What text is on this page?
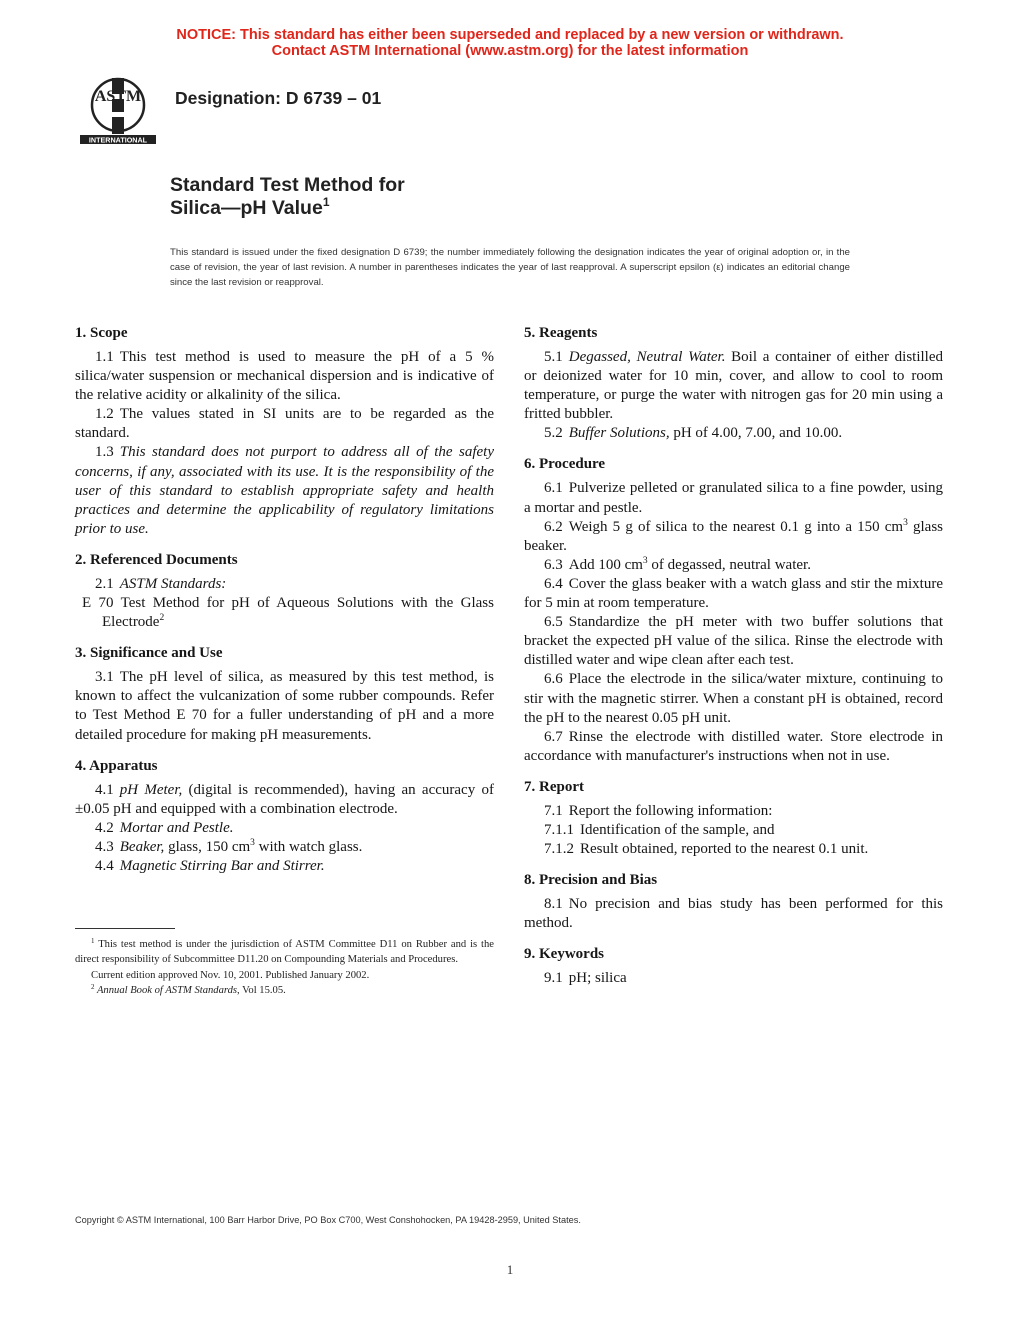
NOTICE: This standard has either been superseded and replaced by a new version or withdrawn.
Contact ASTM International (www.astm.org) for the latest information
ASTM
INTERNATIONAL
Designation: D 6739 – 01
Standard Test Method for
Silica—pH Value$^1$
This standard is issued under the fixed designation D 6739; the number immediately following the designation indicates the year of original adoption or, in the case of revision, the year of last revision. A number in parentheses indicates the year of last reapproval. A superscript epsilon (ε) indicates an editorial change since the last revision or reapproval.
1. Scope

1.1 This test method is used to measure the pH of a 5 % silica/water suspension or mechanical dispersion and is indicative of the relative acidity or alkalinity of the silica.

1.2 The values stated in SI units are to be regarded as the standard.

1.3 This standard does not purport to address all of the safety concerns, if any, associated with its use. It is the responsibility of the user of this standard to establish appropriate safety and health practices and determine the applicability of regulatory limitations prior to use.

2. Referenced Documents

2.1 ASTM Standards:

E 70 Test Method for pH of Aqueous Solutions with the Glass Electrode$^2$

3. Significance and Use

3.1 The pH level of silica, as measured by this test method, is known to affect the vulcanization of some rubber compounds. Refer to Test Method E 70 for a fuller understanding of pH and a more detailed procedure for making pH measurements.

4. Apparatus

4.1 pH Meter, (digital is recommended), having an accuracy of ±0.05 pH and equipped with a combination electrode.

4.2 Mortar and Pestle.

4.3 Beaker, glass, 150 $cm^3$ with watch glass.

4.4 Magnetic Stirring Bar and Stirrer.

5. Reagents

5.1 Degassed, Neutral Water. Boil a container of either distilled or deionized water for 10 min, cover, and allow to cool to room temperature, or purge the water with nitrogen gas for 20 min using a fritted bubbler.

5.2 Buffer Solutions, pH of 4.00, 7.00, and 10.00.

6. Procedure

6.1 Pulverize pelleted or granulated silica to a fine powder, using a mortar and pestle.

6.2 Weigh 5 g of silica to the nearest 0.1 g into a 150 $cm^3$ glass beaker.

6.3 Add 100 $cm^3$ of degassed, neutral water.

6.4 Cover the glass beaker with a watch glass and stir the mixture for 5 min at room temperature.

6.5 Standardize the pH meter with two buffer solutions that bracket the expected pH value of the silica. Rinse the electrode with distilled water and wipe clean after each test.

6.6 Place the electrode in the silica/water mixture, continuing to stir with the magnetic stirrer. When a constant pH is obtained, record the pH to the nearest 0.05 pH unit.

6.7 Rinse the electrode with distilled water. Store electrode in accordance with manufacturer's instructions when not in use.

7. Report

7.1 Report the following information:

7.1.1 Identification of the sample, and

7.1.2 Result obtained, reported to the nearest 0.1 unit.

8. Precision and Bias

8.1 No precision and bias study has been performed for this method.

9. Keywords

9.1 pH; silica

$^1$ This test method is under the jurisdiction of ASTM Committee D11 on Rubber and is the direct responsibility of Subcommittee D11.20 on Compounding Materials and Procedures.

Current edition approved Nov. 10, 2001. Published January 2002.

$^2$ Annual Book of ASTM Standards, Vol 15.05.

Copyright © ASTM International, 100 Barr Harbor Drive, PO Box C700, West Conshohocken, PA 19428-2959, United States.
1
